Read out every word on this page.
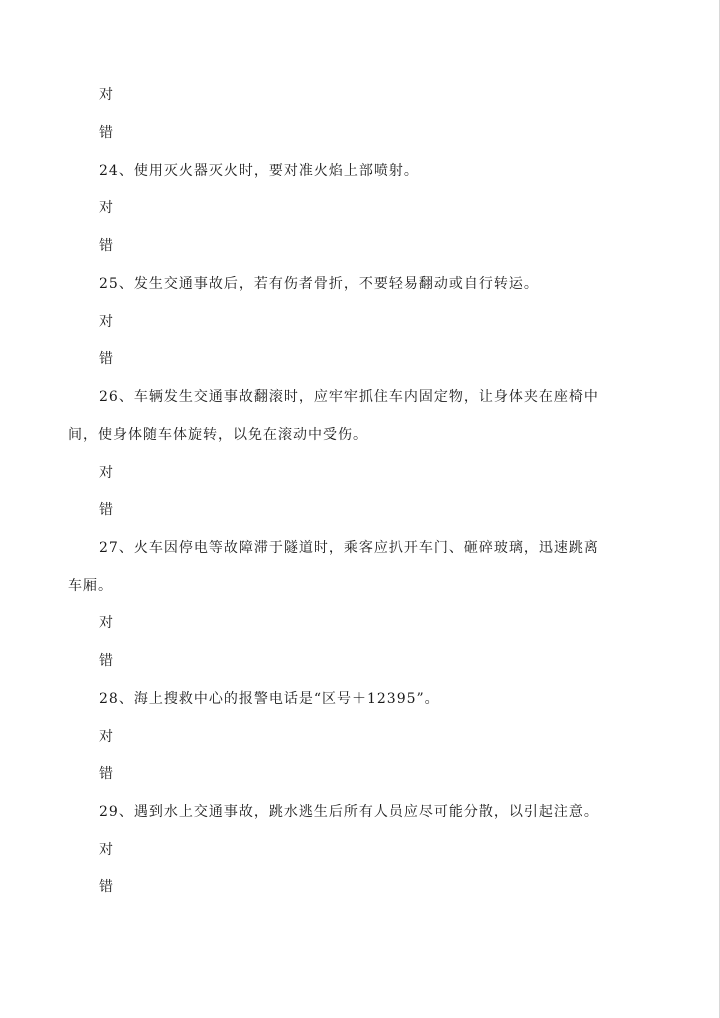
对
错
24、使用灭火器灭火时，要对准火焰上部喷射。
对
错
25、发生交通事故后，若有伤者骨折，不要轻易翻动或自行转运。
对
错
26、车辆发生交通事故翻滚时，应牢牢抓住车内固定物，让身体夹在座椅中
间，使身体随车体旋转，以免在滚动中受伤。
对
错
27、火车因停电等故障滞于隧道时，乘客应扒开车门、砸碎玻璃，迅速跳离
车厢。
对
错
28、海上搜救中心的报警电话是“区号＋12395”。
对
错
29、遇到水上交通事故，跳水逃生后所有人员应尽可能分散，以引起注意。
对
错
